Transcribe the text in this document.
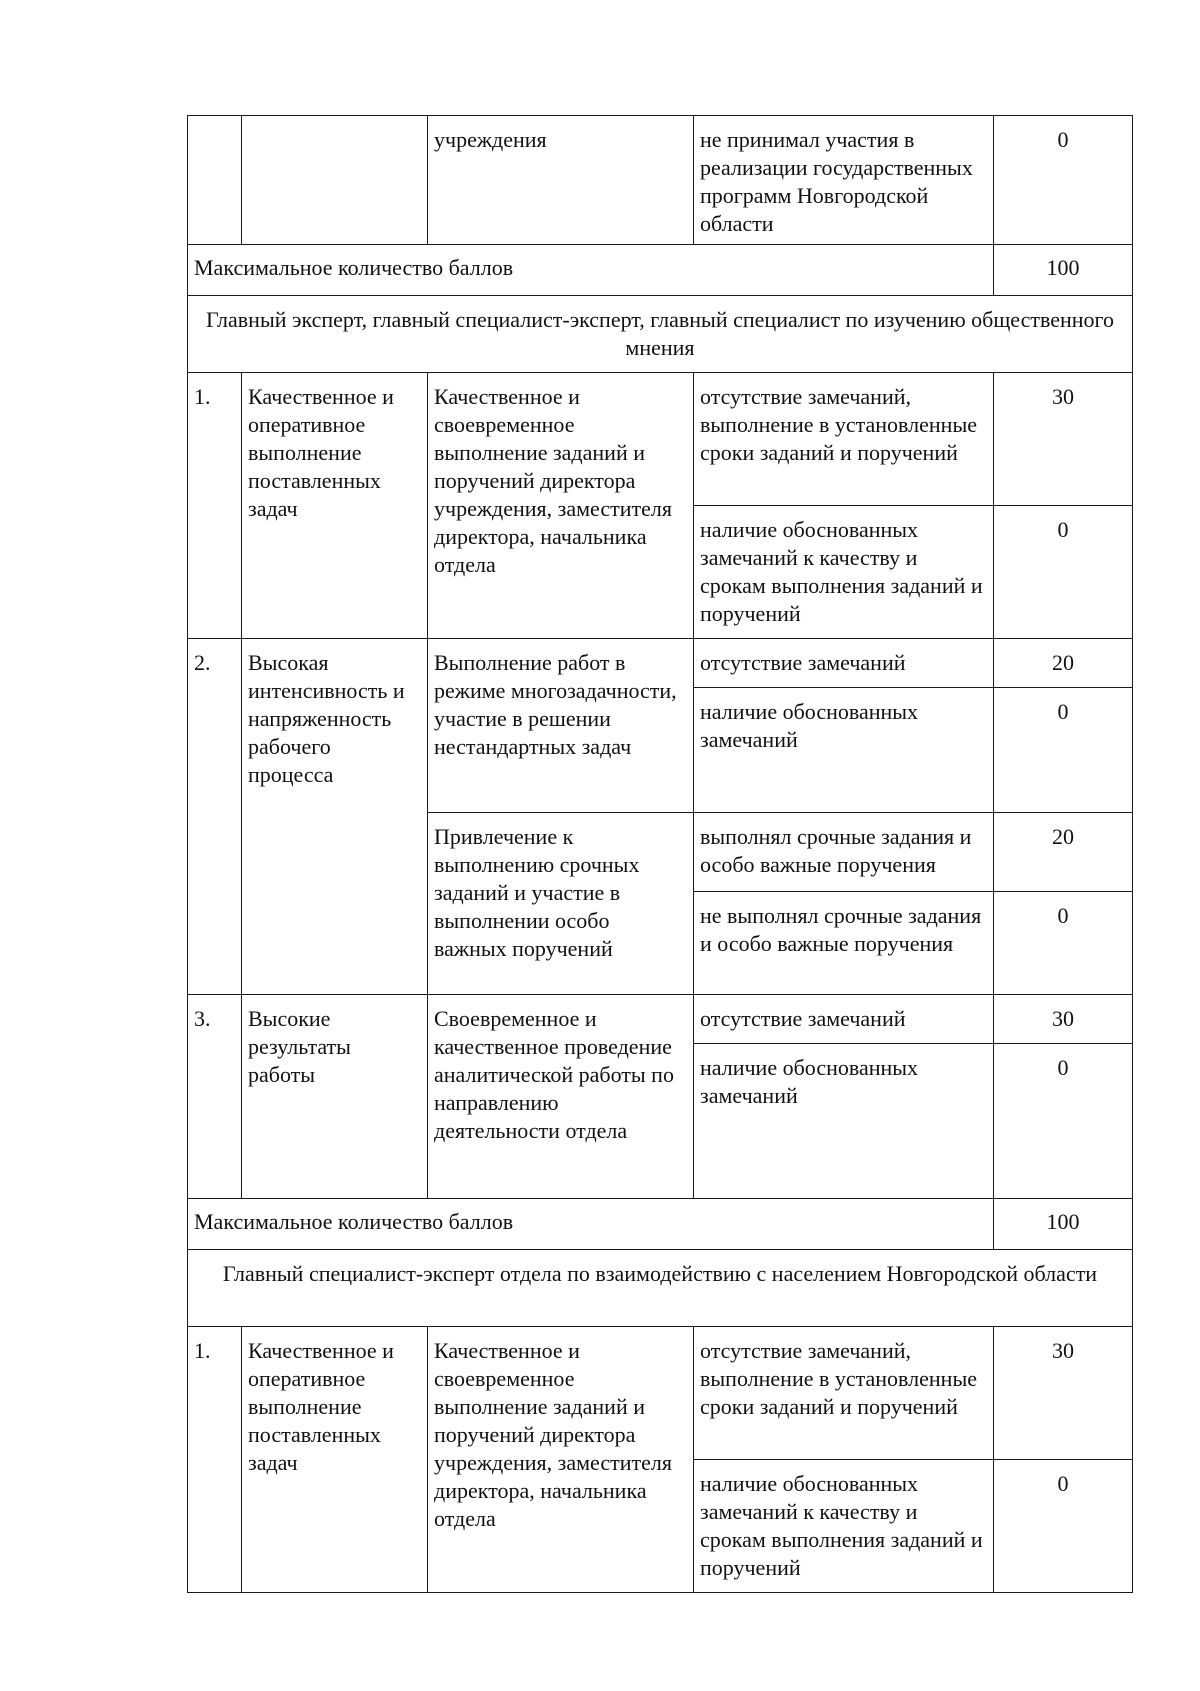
		учреждения	не принимал участия в реализации государственных программ Новгородской области	0
Максимальное количество баллов				100
Главный эксперт, главный специалист-эксперт, главный специалист по изучению общественного мнения				
1.	Качественное и оперативное выполнение поставленных задач	Качественное и своевременное выполнение заданий и поручений директора учреждения, заместителя директора, начальника отдела	отсутствие замечаний, выполнение в установленные сроки заданий и поручений	30
			наличие обоснованных замечаний к качеству и срокам выполнения заданий и поручений	0
2.	Высокая интенсивность и напряженность рабочего процесса	Выполнение работ в режиме многозадачности, участие в решении нестандартных задач	отсутствие замечаний	20
			наличие обоснованных замечаний	0
		Привлечение к выполнению срочных заданий и участие в выполнении особо важных поручений	выполнял срочные задания и особо важные поручения	20
			не выполнял срочные задания и особо важные поручения	0
3.	Высокие результаты работы	Своевременное и качественное проведение аналитической работы по направлению деятельности отдела	отсутствие замечаний	30
			наличие обоснованных замечаний	0
Максимальное количество баллов				100
Главный специалист-эксперт отдела по взаимодействию с населением Новгородской области				
1.	Качественное и оперативное выполнение поставленных задач	Качественное и своевременное выполнение заданий и поручений директора учреждения, заместителя директора, начальника отдела	отсутствие замечаний, выполнение в установленные сроки заданий и поручений	30
			наличие обоснованных замечаний к качеству и срокам выполнения заданий и поручений	0
